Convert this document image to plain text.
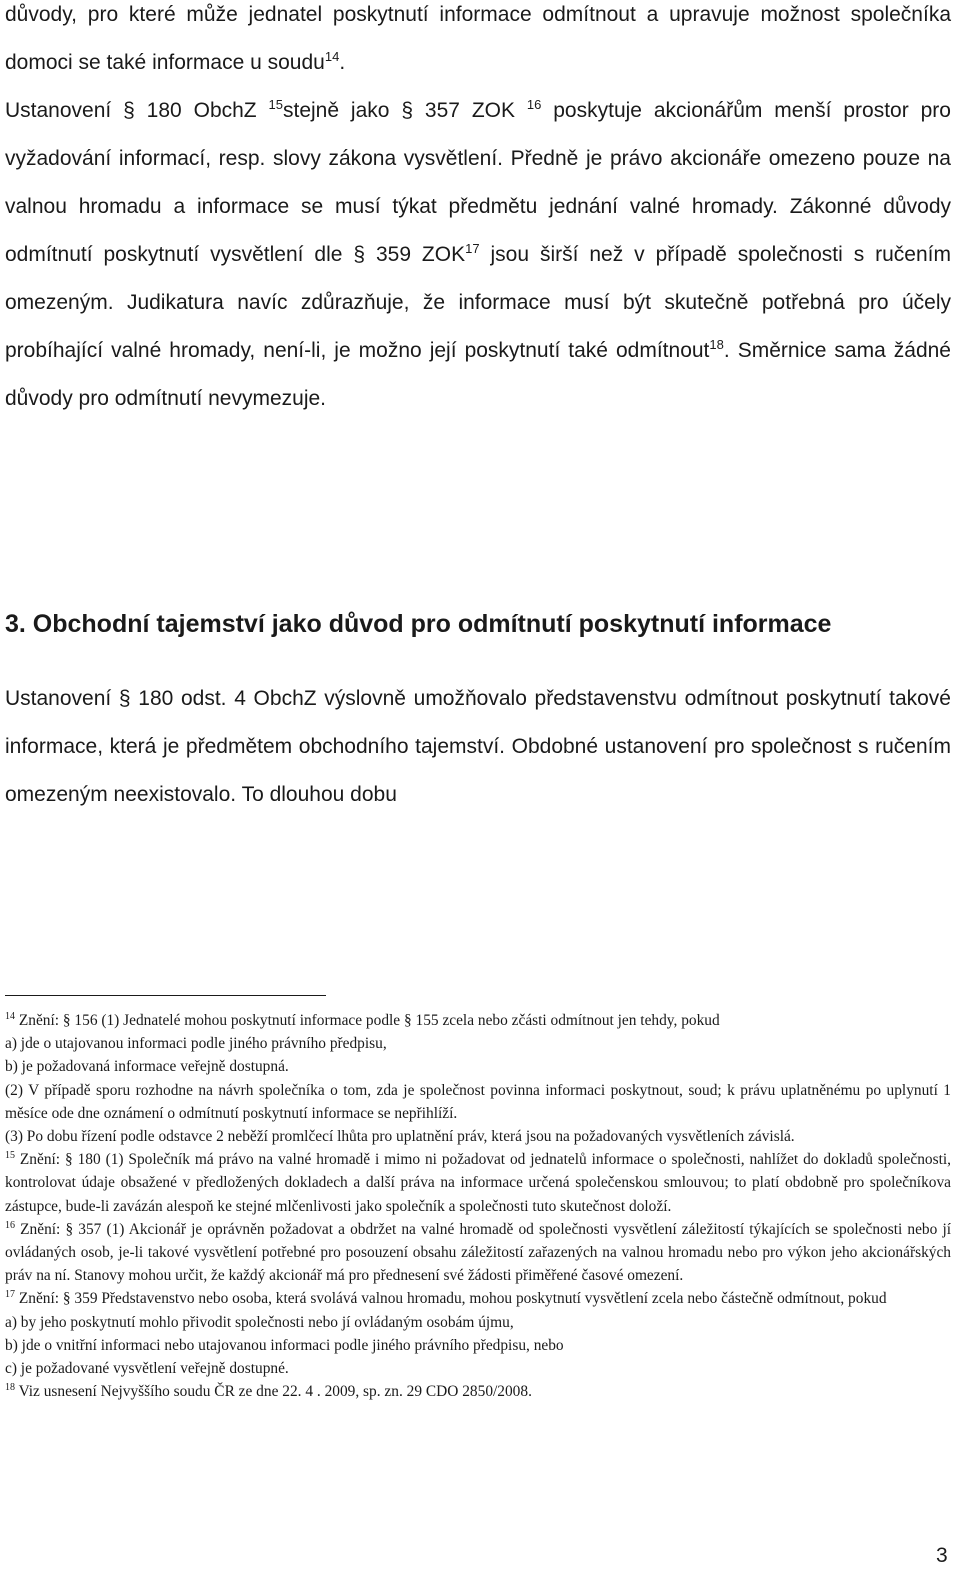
důvody, pro které může jednatel poskytnutí informace odmítnout a upravuje možnost společníka domoci se také informace u soudu$^{14}$.
Ustanovení § 180 ObchZ $^{15}$stejně jako § 357 ZOK $^{16}$ poskytuje akcionářům menší prostor pro vyžadování informací, resp. slovy zákona vysvětlení. Předně je právo akcionáře omezeno pouze na valnou hromadu a informace se musí týkat předmětu jednání valné hromady. Zákonné důvody odmítnutí poskytnutí vysvětlení dle § 359 ZOK$^{17}$ jsou širší než v případě společnosti s ručením omezeným. Judikatura navíc zdůrazňuje, že informace musí být skutečně potřebná pro účely probíhající valné hromady, není-li, je možno její poskytnutí také odmítnout$^{18}$. Směrnice sama žádné důvody pro odmítnutí nevymezuje.

3. Obchodní tajemství jako důvod pro odmítnutí poskytnutí informace

Ustanovení § 180 odst. 4 ObchZ výslovně umožňovalo představenstvu odmítnout poskytnutí takové informace, která je předmětem obchodního tajemství. Obdobné ustanovení pro společnost s ručením omezeným neexistovalo. To dlouhou dobu

$^{14}$ Znění: § 156 (1) Jednatelé mohou poskytnutí informace podle § 155 zcela nebo zčásti odmítnout jen tehdy, pokud

a) jde o utajovanou informaci podle jiného právního předpisu,

b) je požadovaná informace veřejně dostupná.

(2) V případě sporu rozhodne na návrh společníka o tom, zda je společnost povinna informaci poskytnout, soud; k právu uplatněnému po uplynutí 1 měsíce ode dne oznámení o odmítnutí poskytnutí informace se nepřihlíží.

(3) Po dobu řízení podle odstavce 2 neběží promlčecí lhůta pro uplatnění práv, která jsou na požadovaných vysvětleních závislá.

$^{15}$ Znění: § 180 (1) Společník má právo na valné hromadě i mimo ni požadovat od jednatelů informace o společnosti, nahlížet do dokladů společnosti, kontrolovat údaje obsažené v předložených dokladech a další práva na informace určená společenskou smlouvou; to platí obdobně pro společníkova zástupce, bude-li zavázán alespoň ke stejné mlčenlivosti jako společník a společnosti tuto skutečnost doloží.

$^{16}$ Znění: § 357 (1) Akcionář je oprávněn požadovat a obdržet na valné hromadě od společnosti vysvětlení záležitostí týkajících se společnosti nebo jí ovládaných osob, je-li takové vysvětlení potřebné pro posouzení obsahu záležitostí zařazených na valnou hromadu nebo pro výkon jeho akcionářských práv na ní. Stanovy mohou určit, že každý akcionář má pro přednesení své žádosti přiměřené časové omezení.

$^{17}$ Znění: § 359 Představenstvo nebo osoba, která svolává valnou hromadu, mohou poskytnutí vysvětlení zcela nebo částečně odmítnout, pokud

a) by jeho poskytnutí mohlo přivodit společnosti nebo jí ovládaným osobám újmu,

b) jde o vnitřní informaci nebo utajovanou informaci podle jiného právního předpisu, nebo

c) je požadované vysvětlení veřejně dostupné.

$^{18}$ Viz usnesení Nejvyššího soudu ČR ze dne 22. 4 . 2009, sp. zn. 29 CDO 2850/2008.

3
